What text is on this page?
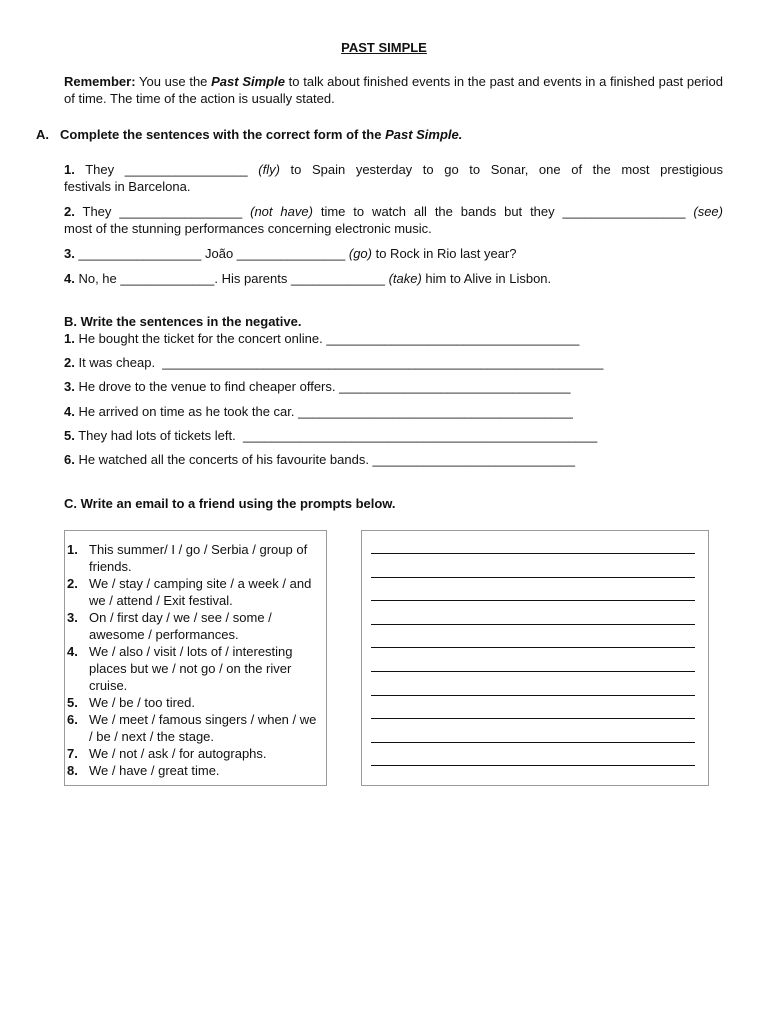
PAST SIMPLE
Remember: You use the Past Simple to talk about finished events in the past and events in a finished past period of time. The time of the action is usually stated.
A. Complete the sentences with the correct form of the Past Simple.
1. They _________________ (fly) to Spain yesterday to go to Sonar, one of the most prestigious
festivals in Barcelona.
2. They _________________ (not have) time to watch all the bands but they _________________ (see)
most of the stunning performances concerning electronic music.
3. _________________ João _______________ (go) to Rock in Rio last year?
4. No, he _____________. His parents _____________ (take) him to Alive in Lisbon.
B. Write the sentences in the negative.
1. He bought the ticket for the concert online. ___________________________________
2. It was cheap.  _____________________________________________________________
3. He drove to the venue to find cheaper offers. ________________________________
4. He arrived on time as he took the car. ______________________________________
5. They had lots of tickets left.  _________________________________________________
6. He watched all the concerts of his favourite bands. ____________________________
C. Write an email to a friend using the prompts below.
1. This summer/ I / go / Serbia / group of friends.
2. We / stay / camping site / a week / and we / attend / Exit festival.
3. On / first day / we / see / some / awesome / performances.
4. We / also / visit / lots of / interesting places but we / not go / on the river cruise.
5. We / be / too tired.
6. We / meet / famous singers / when / we / be / next / the stage.
7. We / not / ask / for autographs.
8. We / have / great time.
